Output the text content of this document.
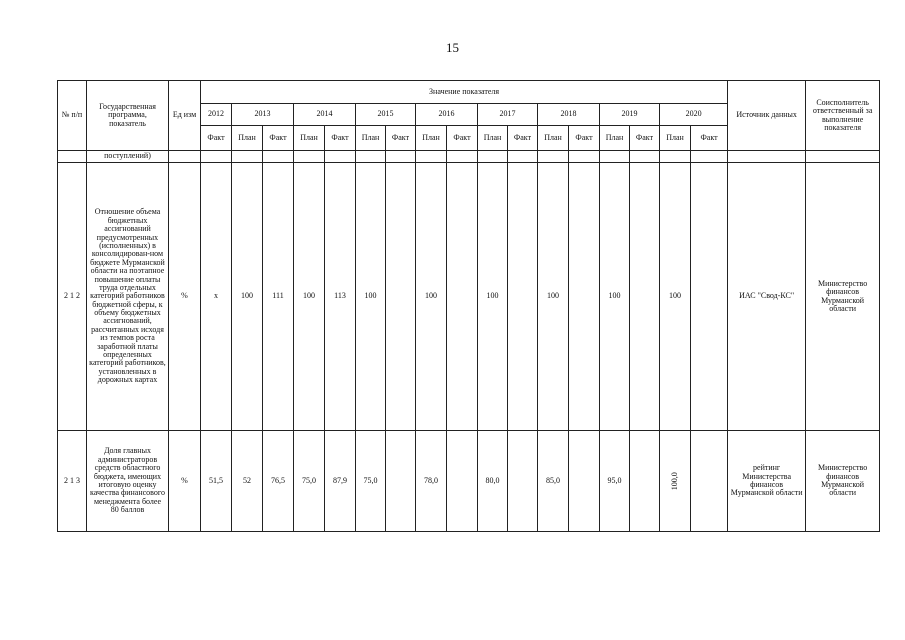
15
№ п/п	Государственная программа, показатель	Ед изм	Значение показателя																	Источник данных	Соисполнитель ответственный за выполнение показателя
			2012	2013		2014		2015		2016		2017		2018		2019		2020			
			Факт	План	Факт	План	Факт	План	Факт	План	Факт	План	Факт	План	Факт	План	Факт	План	Факт		
	поступлений)																				
2 1 2	Отношение объема бюджетных ассигнований предусмотренных (исполненных) в консолидирован-ном бюджете Мурманской области на поэтапное повышение оплаты труда отдельных категорий работников бюджетной сферы, к объему бюджетных ассигнований, рассчитанных исходя из темпов роста заработной платы определенных категорий работников, установленных в дорожных картах	%	x	100	111	100	113	100		100		100		100		100		100		ИАС "Свод-КС"	Министерство финансов Мурманской области
2 1 3	Доля главных администраторов средств областного бюджета, имеющих итоговую оценку качества финансового менеджмента более 80 баллов	%	51,5	52	76,5	75,0	87,9	75,0		78,0		80,0		85,0		95,0		100,0		рейтинг Министерства финансов Мурманской области	Министерство финансов Мурманской области
